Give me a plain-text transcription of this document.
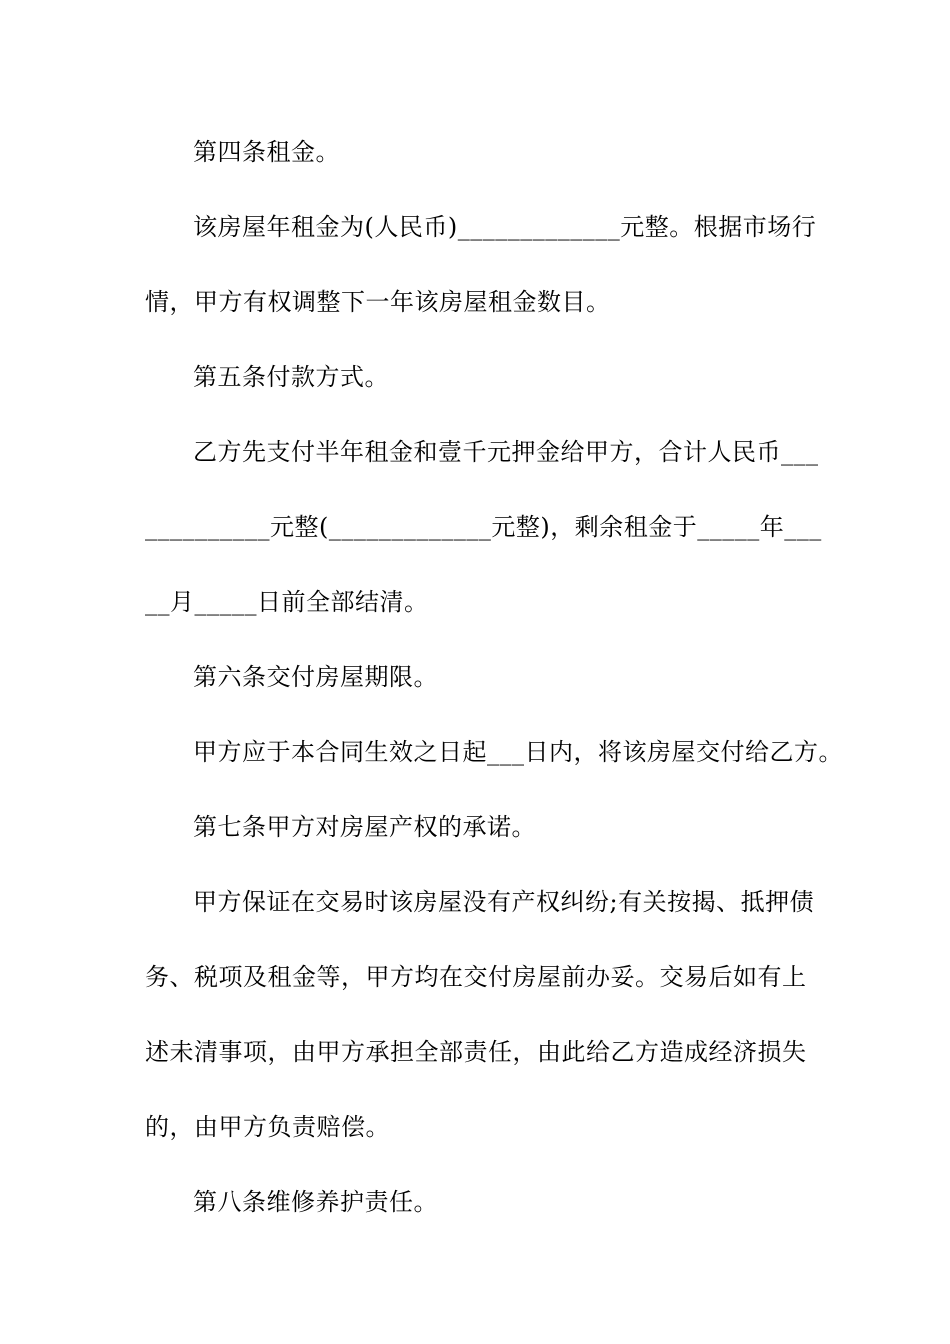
第四条租金。
该房屋年租金为(人民币)_____________元整。根据市场行
情，甲方有权调整下一年该房屋租金数目。
第五条付款方式。
乙方先支付半年租金和壹千元押金给甲方，合计人民币___
__________元整(_____________元整)，剩余租金于_____年___
__月_____日前全部结清。
第六条交付房屋期限。
甲方应于本合同生效之日起___日内，将该房屋交付给乙方。
第七条甲方对房屋产权的承诺。
甲方保证在交易时该房屋没有产权纠纷;有关按揭、抵押债
务、税项及租金等，甲方均在交付房屋前办妥。交易后如有上
述未清事项，由甲方承担全部责任，由此给乙方造成经济损失
的，由甲方负责赔偿。
第八条维修养护责任。
